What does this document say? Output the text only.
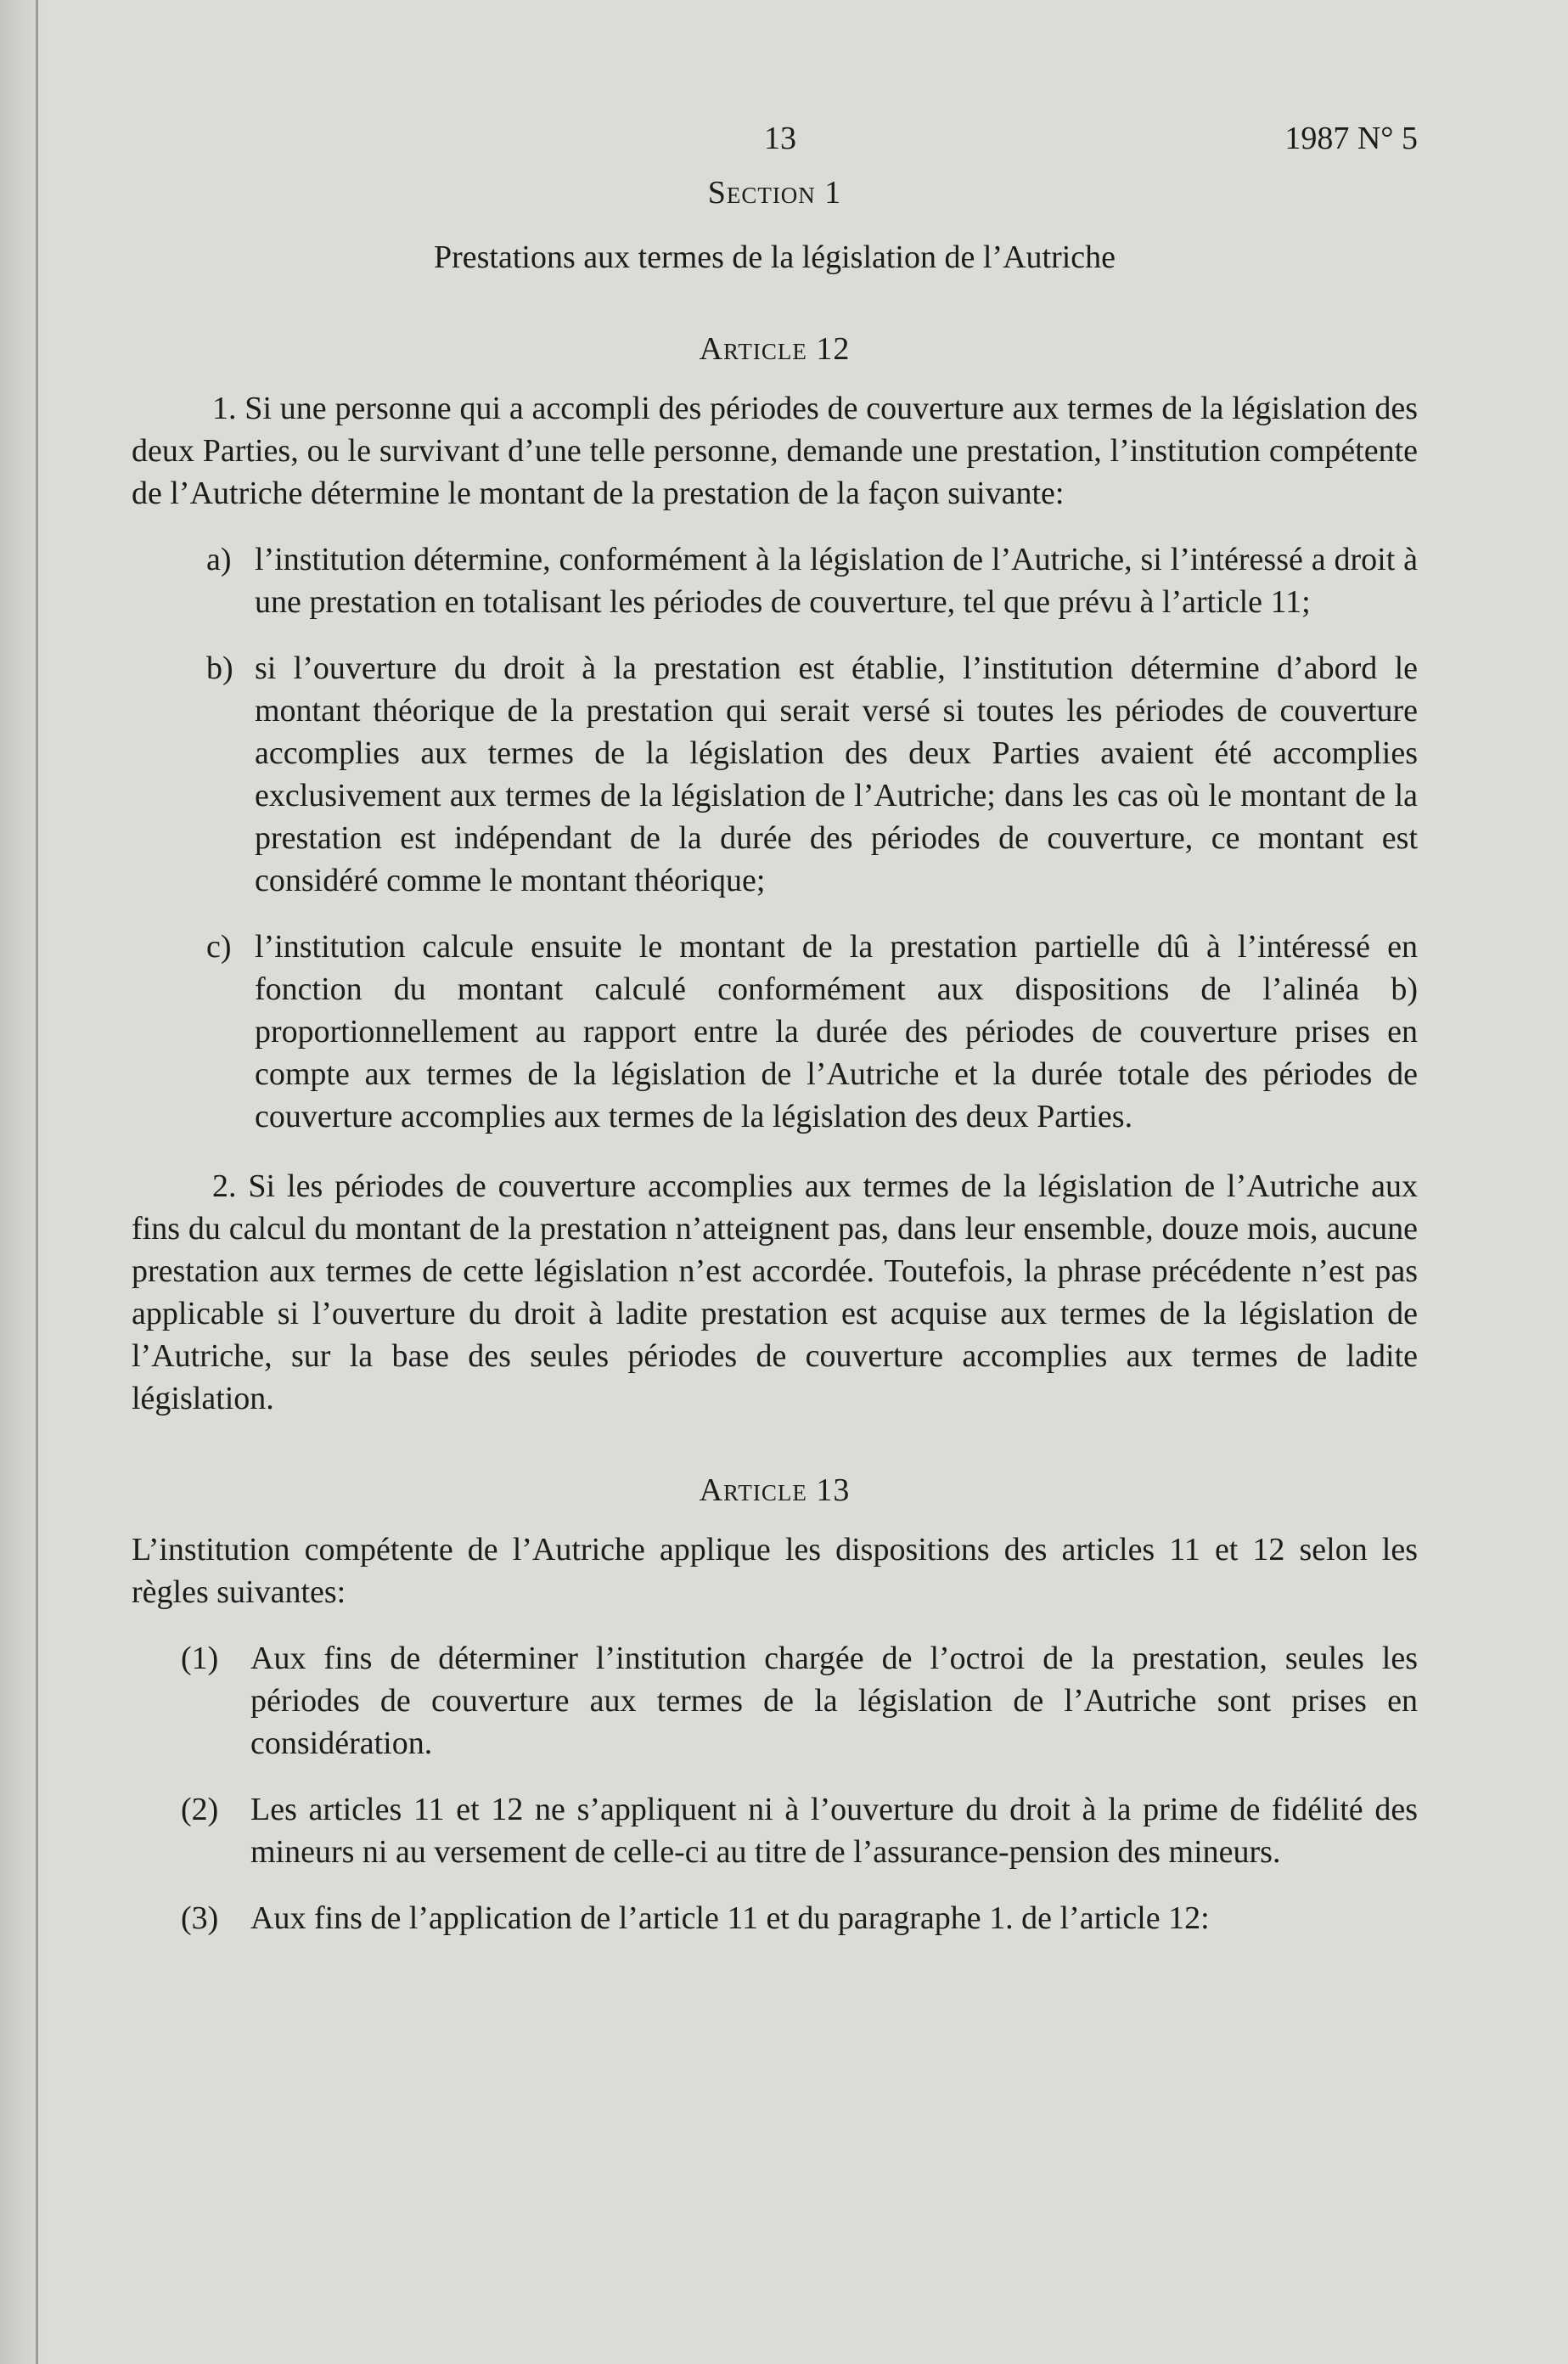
13	1987 N° 5
Section 1
Prestations aux termes de la législation de l’Autriche
Article 12

1. Si une personne qui a accompli des périodes de couverture aux termes de la législation des deux Parties, ou le survivant d’une telle personne, demande une prestation, l’institution compétente de l’Autriche détermine le montant de la prestation de la façon suivante:

a) l’institution détermine, conformément à la législation de l’Autriche, si l’intéressé a droit à une prestation en totalisant les périodes de couverture, tel que prévu à l’article 11;
b) si l’ouverture du droit à la prestation est établie, l’institution détermine d’abord le montant théorique de la prestation qui serait versé si toutes les périodes de couverture accomplies aux termes de la législation des deux Parties avaient été accomplies exclusivement aux termes de la législation de l’Autriche; dans les cas où le montant de la prestation est indépendant de la durée des périodes de couverture, ce montant est considéré comme le montant théorique;
c) l’institution calcule ensuite le montant de la prestation partielle dû à l’intéressé en fonction du montant calculé conformément aux dispositions de l’alinéa b) proportionnellement au rapport entre la durée des périodes de couverture prises en compte aux termes de la législation de l’Autriche et la durée totale des périodes de couverture accomplies aux termes de la législation des deux Parties.

2. Si les périodes de couverture accomplies aux termes de la législation de l’Autriche aux fins du calcul du montant de la prestation n’atteignent pas, dans leur ensemble, douze mois, aucune prestation aux termes de cette législation n’est accordée. Toutefois, la phrase précédente n’est pas applicable si l’ouverture du droit à ladite prestation est acquise aux termes de la législation de l’Autriche, sur la base des seules périodes de couverture accomplies aux termes de ladite législation.

Article 13

L’institution compétente de l’Autriche applique les dispositions des articles 11 et 12 selon les règles suivantes:

(1) Aux fins de déterminer l’institution chargée de l’octroi de la prestation, seules les périodes de couverture aux termes de la législation de l’Autriche sont prises en considération.
(2) Les articles 11 et 12 ne s’appliquent ni à l’ouverture du droit à la prime de fidélité des mineurs ni au versement de celle-ci au titre de l’assurance-pension des mineurs.
(3) Aux fins de l’application de l’article 11 et du paragraphe 1. de l’article 12:
